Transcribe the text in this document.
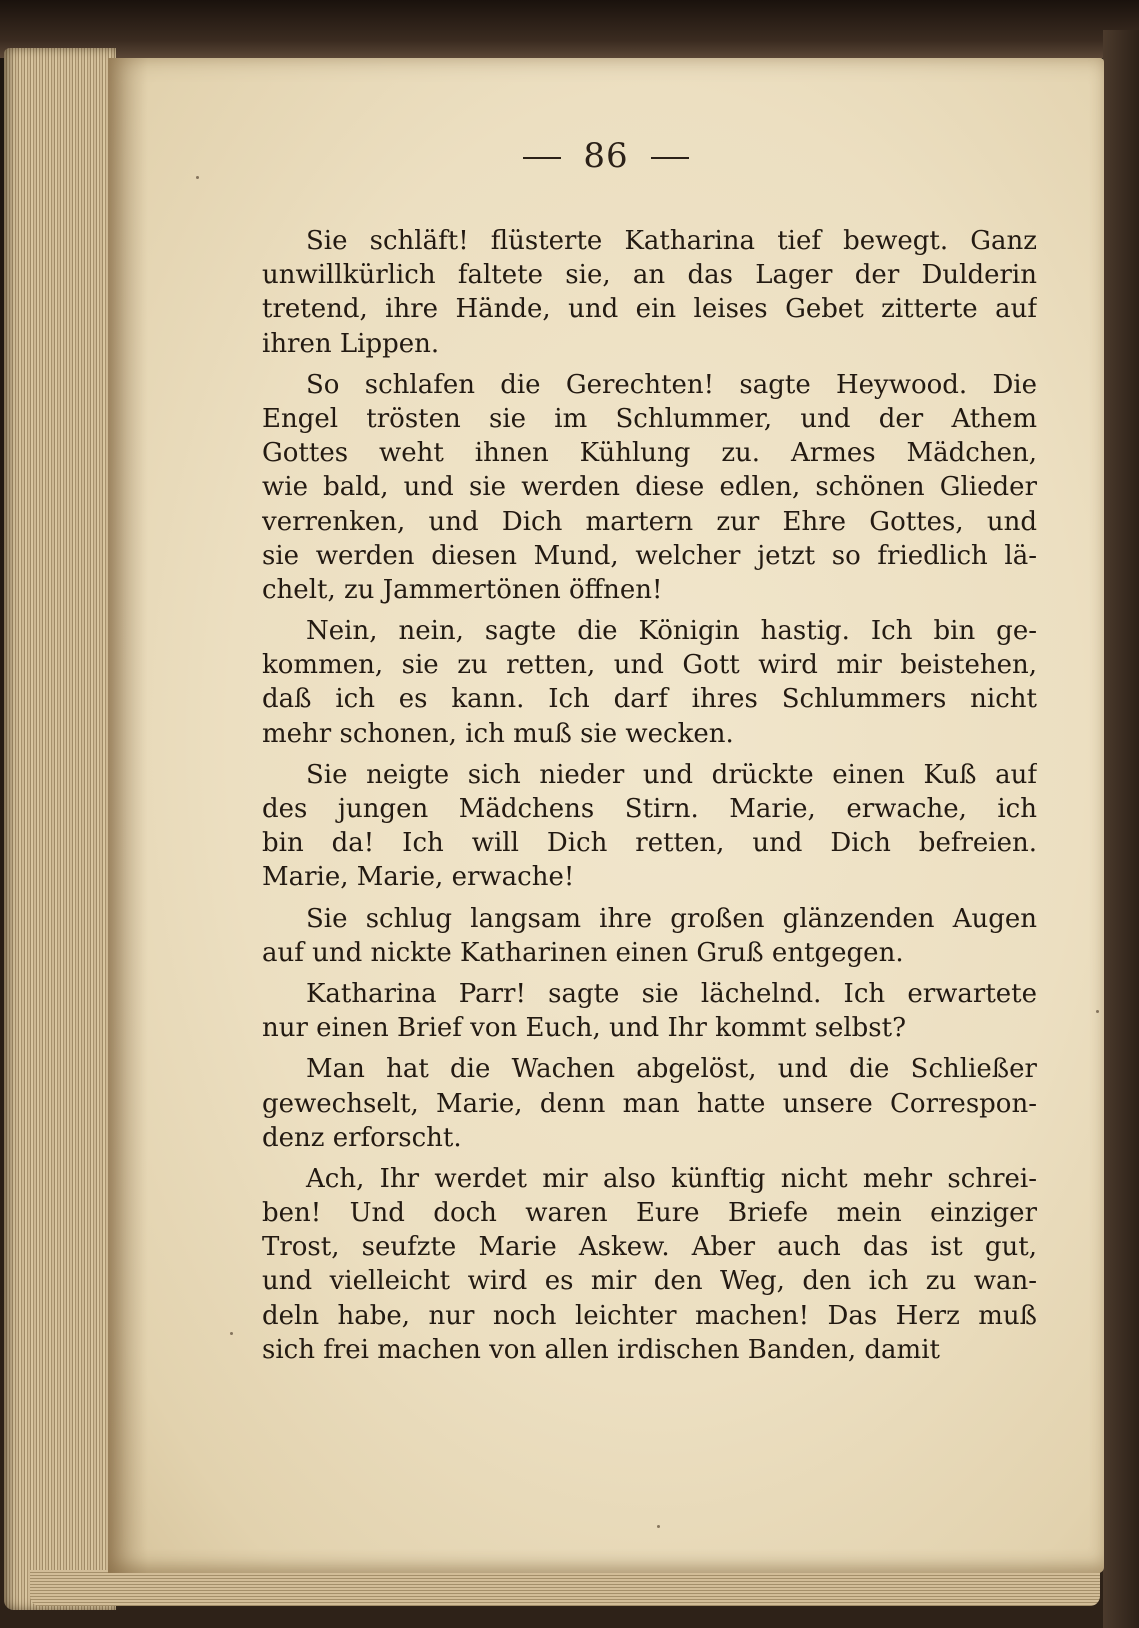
86
Sie schläft! flüsterte Katharina tief bewegt. Ganz
unwillkürlich faltete sie, an das Lager der Dulderin
tretend, ihre Hände, und ein leises Gebet zitterte auf
ihren Lippen.
So schlafen die Gerechten! sagte Heywood. Die
Engel trösten sie im Schlummer, und der Athem
Gottes weht ihnen Kühlung zu. Armes Mädchen,
wie bald, und sie werden diese edlen, schönen Glieder
verrenken, und Dich martern zur Ehre Gottes, und
sie werden diesen Mund, welcher jetzt so friedlich lä-
chelt, zu Jammertönen öffnen!
Nein, nein, sagte die Königin hastig. Ich bin ge-
kommen, sie zu retten, und Gott wird mir beistehen,
daß ich es kann. Ich darf ihres Schlummers nicht
mehr schonen, ich muß sie wecken.
Sie neigte sich nieder und drückte einen Kuß auf
des jungen Mädchens Stirn. Marie, erwache, ich
bin da! Ich will Dich retten, und Dich befreien.
Marie, Marie, erwache!
Sie schlug langsam ihre großen glänzenden Augen
auf und nickte Katharinen einen Gruß entgegen.
Katharina Parr! sagte sie lächelnd. Ich erwartete
nur einen Brief von Euch, und Ihr kommt selbst?
Man hat die Wachen abgelöst, und die Schließer
gewechselt, Marie, denn man hatte unsere Correspon-
denz erforscht.
Ach, Ihr werdet mir also künftig nicht mehr schrei-
ben! Und doch waren Eure Briefe mein einziger
Trost, seufzte Marie Askew. Aber auch das ist gut,
und vielleicht wird es mir den Weg, den ich zu wan-
deln habe, nur noch leichter machen! Das Herz muß
sich frei machen von allen irdischen Banden, damit
